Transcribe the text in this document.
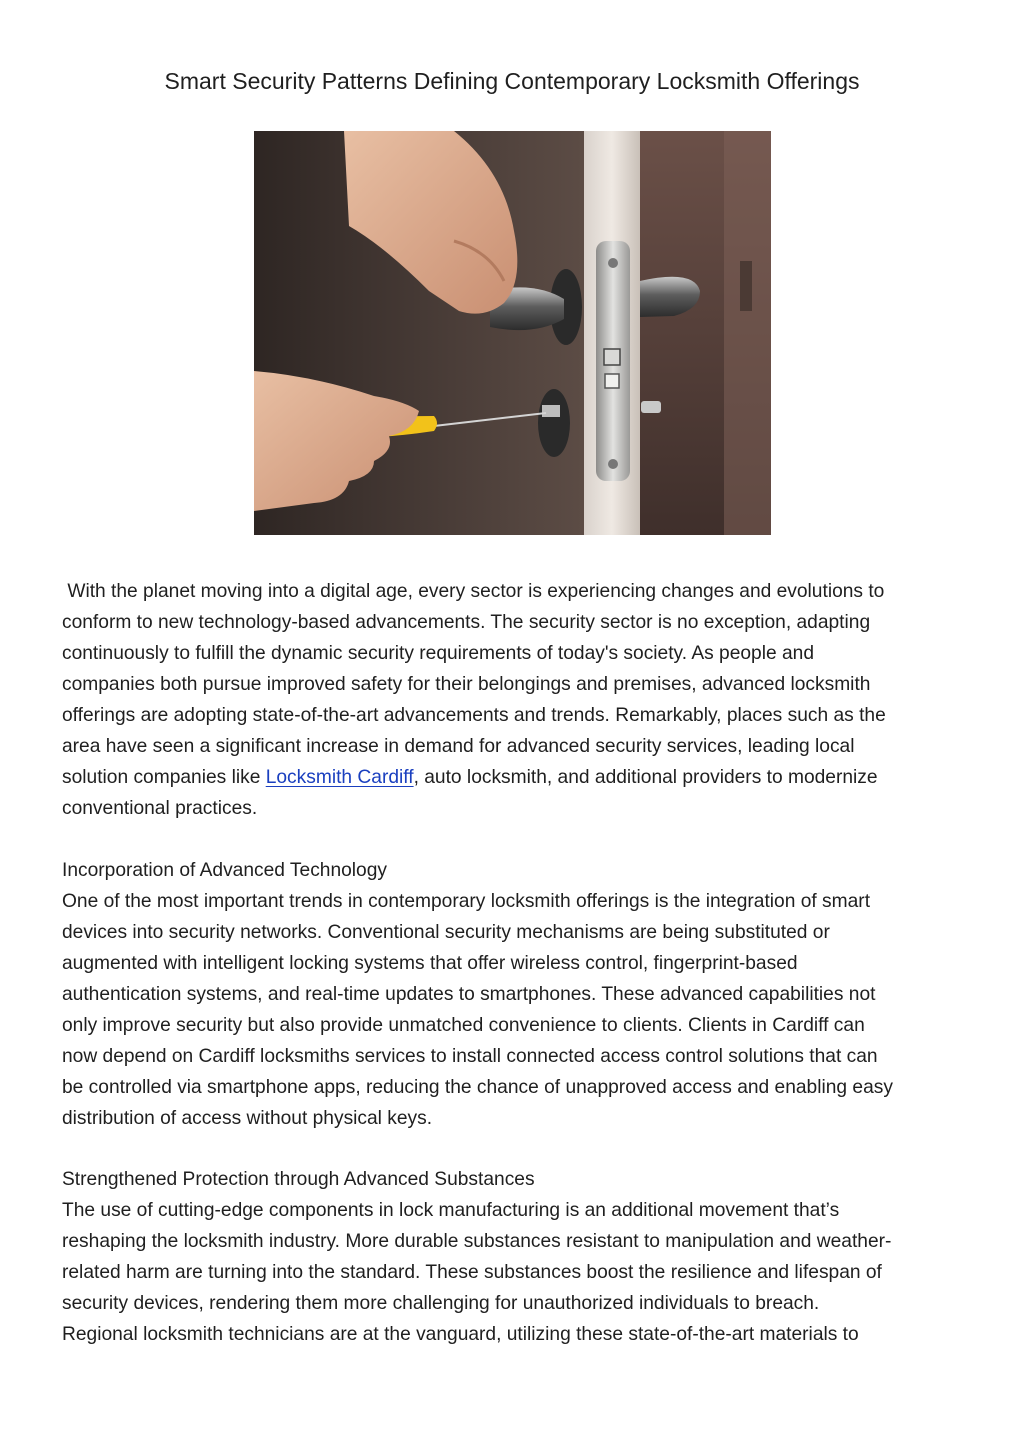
Smart Security Patterns Defining Contemporary Locksmith Offerings
With the planet moving into a digital age, every sector is experiencing changes and evolutions to
conform to new technology-based advancements. The security sector is no exception, adapting
continuously to fulfill the dynamic security requirements of today's society. As people and
companies both pursue improved safety for their belongings and premises, advanced locksmith
offerings are adopting state-of-the-art advancements and trends. Remarkably, places such as the
area have seen a significant increase in demand for advanced security services, leading local
solution companies like Locksmith Cardiff, auto locksmith, and additional providers to modernize
conventional practices.
Incorporation of Advanced Technology
One of the most important trends in contemporary locksmith offerings is the integration of smart
devices into security networks. Conventional security mechanisms are being substituted or
augmented with intelligent locking systems that offer wireless control, fingerprint-based
authentication systems, and real-time updates to smartphones. These advanced capabilities not
only improve security but also provide unmatched convenience to clients. Clients in Cardiff can
now depend on Cardiff locksmiths services to install connected access control solutions that can
be controlled via smartphone apps, reducing the chance of unapproved access and enabling easy
distribution of access without physical keys.
Strengthened Protection through Advanced Substances
The use of cutting-edge components in lock manufacturing is an additional movement that’s
reshaping the locksmith industry. More durable substances resistant to manipulation and weather-
related harm are turning into the standard. These substances boost the resilience and lifespan of
security devices, rendering them more challenging for unauthorized individuals to breach.
Regional locksmith technicians are at the vanguard, utilizing these state-of-the-art materials to
